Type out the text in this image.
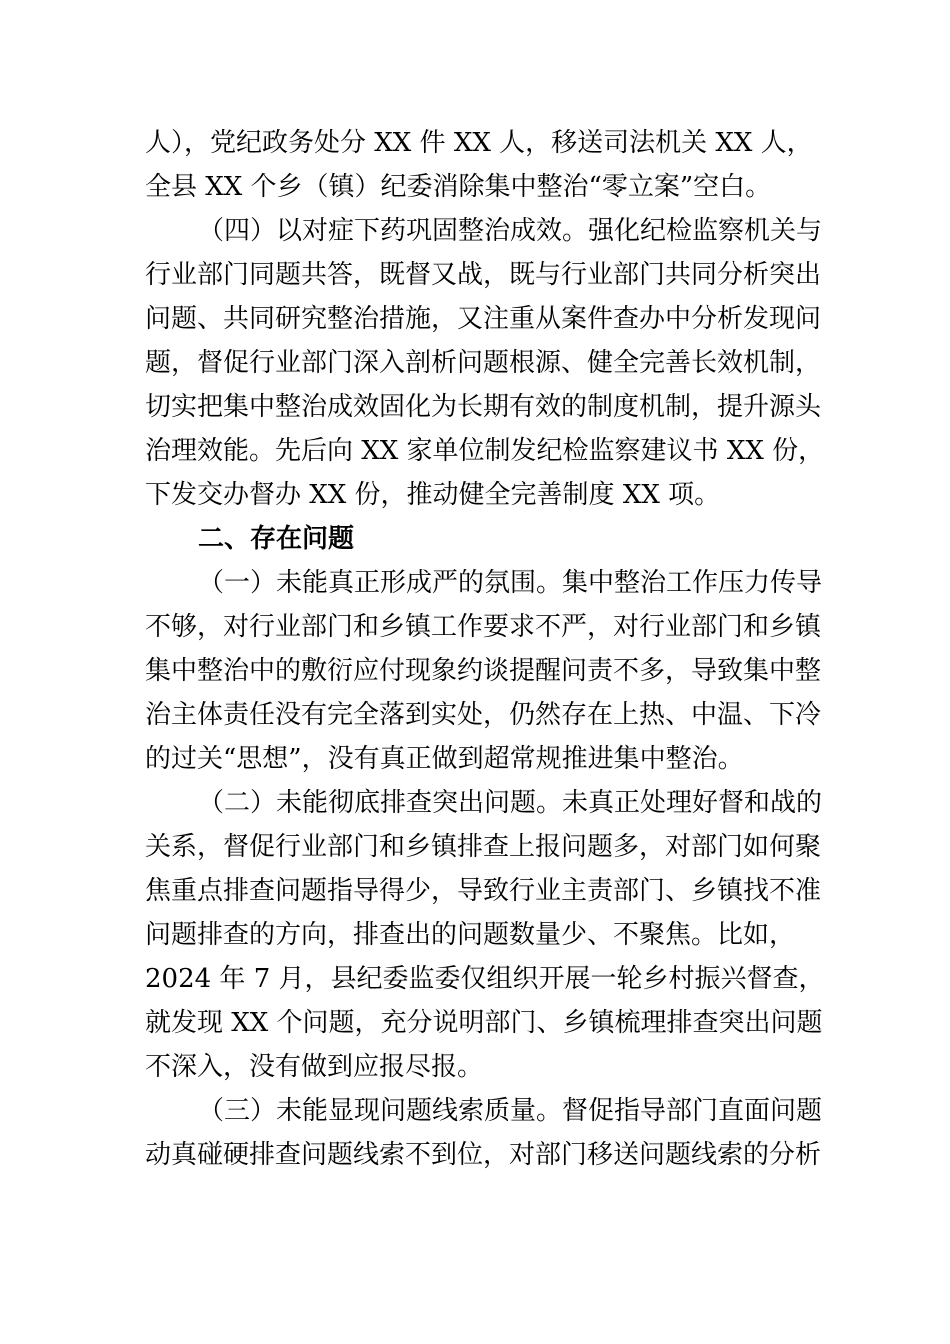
人），党纪政务处分 XX 件 XX 人，移送司法机关 XX 人，

全县 XX 个乡（镇）纪委消除集中整治“零立案”空白。

（四）以对症下药巩固整治成效。强化纪检监察机关与

行业部门同题共答，既督又战，既与行业部门共同分析突出

问题、共同研究整治措施，又注重从案件查办中分析发现问

题，督促行业部门深入剖析问题根源、健全完善长效机制，

切实把集中整治成效固化为长期有效的制度机制，提升源头

治理效能。先后向 XX 家单位制发纪检监察建议书 XX 份，

下发交办督办 XX 份，推动健全完善制度 XX 项。

二、存在问题

（一）未能真正形成严的氛围。集中整治工作压力传导

不够，对行业部门和乡镇工作要求不严，对行业部门和乡镇

集中整治中的敷衍应付现象约谈提醒问责不多，导致集中整

治主体责任没有完全落到实处，仍然存在上热、中温、下冷

的过关“思想”，没有真正做到超常规推进集中整治。

（二）未能彻底排查突出问题。未真正处理好督和战的

关系，督促行业部门和乡镇排查上报问题多，对部门如何聚

焦重点排查问题指导得少，导致行业主责部门、乡镇找不准

问题排查的方向，排查出的问题数量少、不聚焦。比如，

2024 年 7 月，县纪委监委仅组织开展一轮乡村振兴督查，

就发现 XX 个问题，充分说明部门、乡镇梳理排查突出问题

不深入，没有做到应报尽报。

（三）未能显现问题线索质量。督促指导部门直面问题

动真碰硬排查问题线索不到位，对部门移送问题线索的分析
